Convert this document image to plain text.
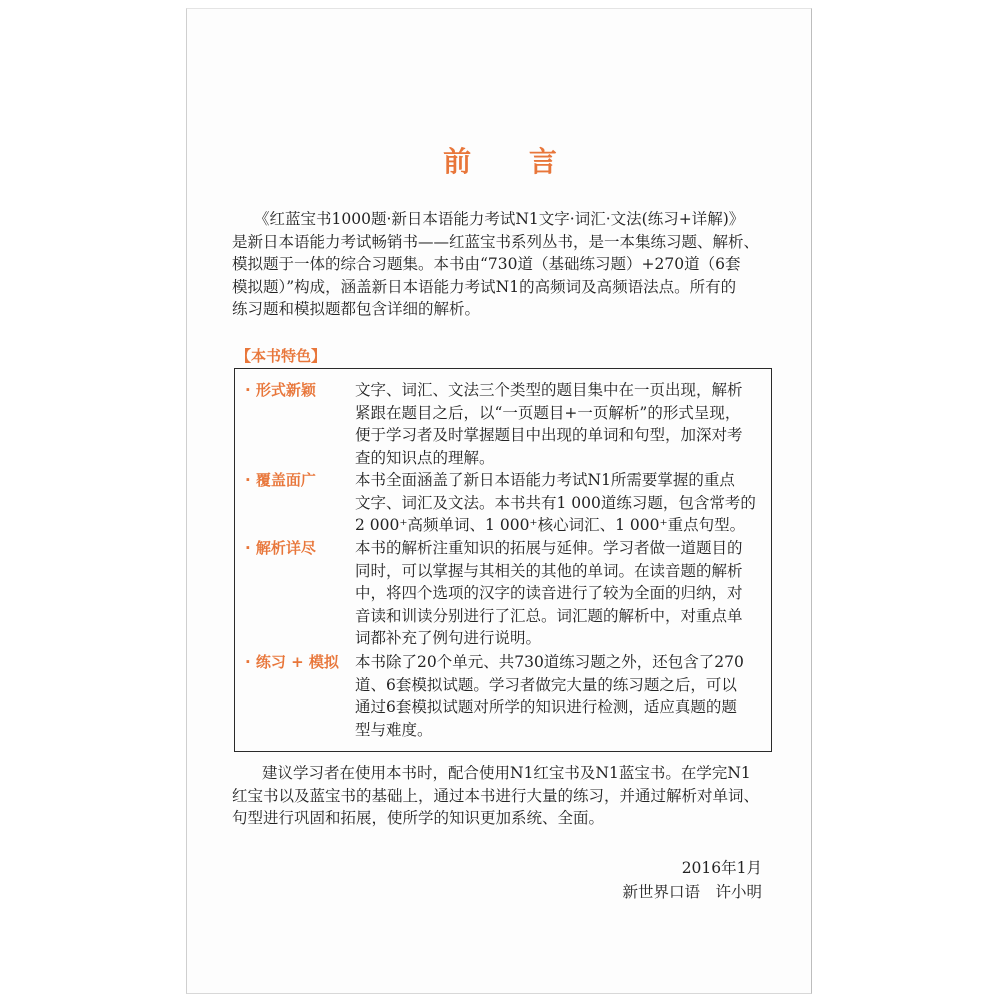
前 言
《红蓝宝书1000题·新日本语能力考试N1文字·词汇·文法(练习+详解)》
是新日本语能力考试畅销书——红蓝宝书系列丛书，是一本集练习题、解析、
模拟题于一体的综合习题集。本书由“730道（基础练习题）+270道（6套
模拟题）”构成，涵盖新日本语能力考试N1的高频词及高频语法点。所有的
练习题和模拟题都包含详细的解析。
【本书特色】
· 形式新颖	文字、词汇、文法三个类型的题目集中在一页出现，解析
紧跟在题目之后，以“一页题目+一页解析”的形式呈现，
便于学习者及时掌握题目中出现的单词和句型，加深对考
查的知识点的理解。
· 覆盖面广	本书全面涵盖了新日本语能力考试N1所需要掌握的重点
文字、词汇及文法。本书共有1 000道练习题，包含常考的
2 000⁺高频单词、1 000⁺核心词汇、1 000⁺重点句型。
· 解析详尽	本书的解析注重知识的拓展与延伸。学习者做一道题目的
同时，可以掌握与其相关的其他的单词。在读音题的解析
中，将四个选项的汉字的读音进行了较为全面的归纳，对
音读和训读分别进行了汇总。词汇题的解析中，对重点单
词都补充了例句进行说明。
· 练习 + 模拟	本书除了20个单元、共730道练习题之外，还包含了270
道、6套模拟试题。学习者做完大量的练习题之后，可以
通过6套模拟试题对所学的知识进行检测，适应真题的题
型与难度。
建议学习者在使用本书时，配合使用N1红宝书及N1蓝宝书。在学完N1
红宝书以及蓝宝书的基础上，通过本书进行大量的练习，并通过解析对单词、
句型进行巩固和拓展，使所学的知识更加系统、全面。
2016年1月
新世界口语　许小明
